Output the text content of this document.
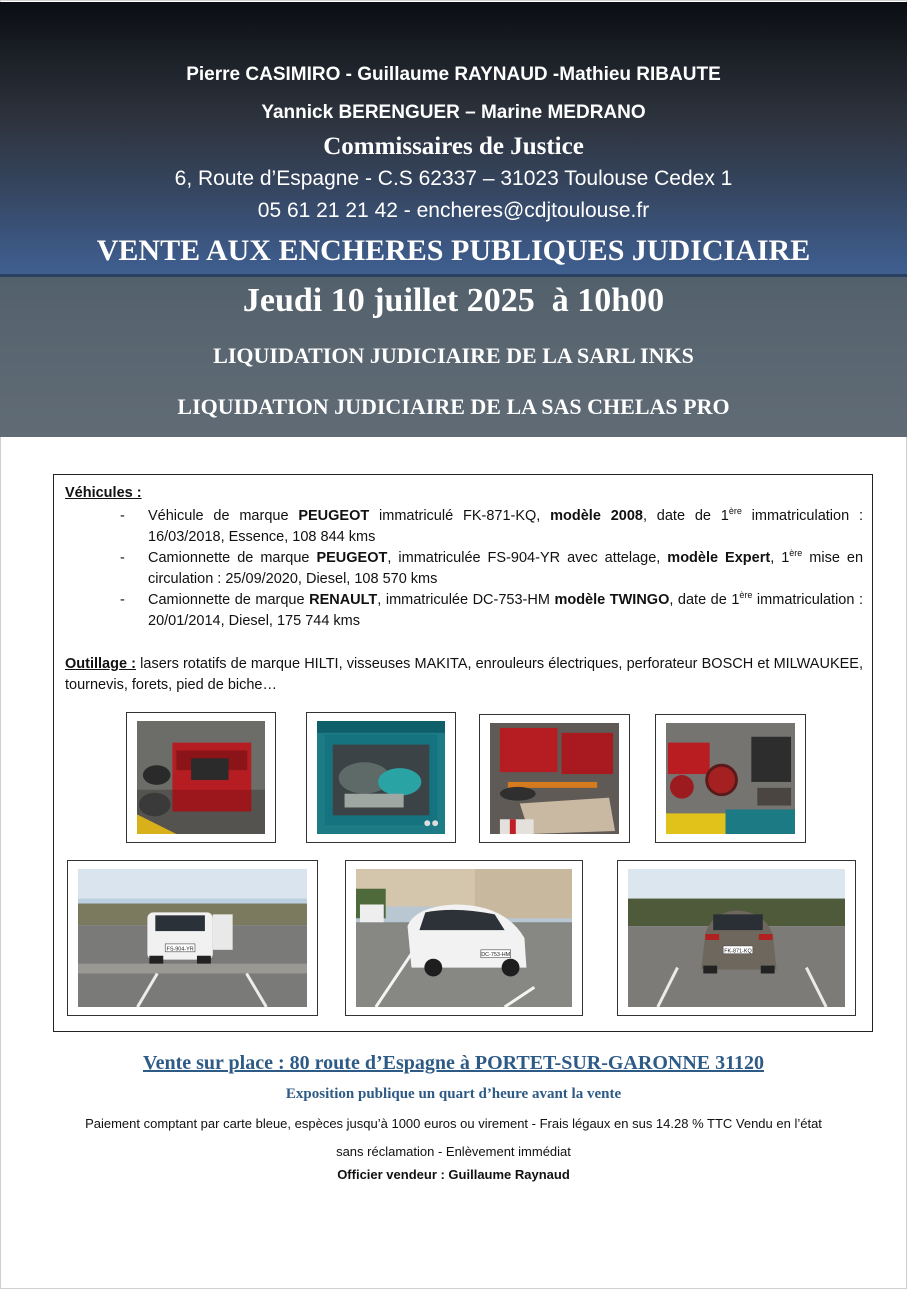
Pierre CASIMIRO - Guillaume RAYNAUD -Mathieu RIBAUTE
Yannick BERENGUER – Marine MEDRANO
Commissaires de Justice
6, Route d’Espagne - C.S 62337 – 31023 Toulouse Cedex 1
05 61 21 21 42 - encheres@cdjtoulouse.fr
VENTE AUX ENCHERES PUBLIQUES JUDICIAIRE
Jeudi 10 juillet 2025  à 10h00
LIQUIDATION JUDICIAIRE DE LA SARL INKS
LIQUIDATION JUDICIAIRE DE LA SAS CHELAS PRO
Véhicules :
- Véhicule de marque PEUGEOT immatriculé FK-871-KQ, modèle 2008, date de 1ère immatriculation : 16/03/2018, Essence, 108 844 kms
- Camionnette de marque PEUGEOT, immatriculée FS-904-YR avec attelage, modèle Expert, 1ère mise en circulation : 25/09/2020, Diesel, 108 570 kms
- Camionnette de marque RENAULT, immatriculée DC-753-HM modèle TWINGO, date de 1ère immatriculation : 20/01/2014, Diesel, 175 744 kms
Outillage : lasers rotatifs de marque HILTI, visseuses MAKITA, enrouleurs électriques, perforateur BOSCH et MILWAUKEE, tournevis, forets, pied de biche…
FS-904-YR
DC-753-HM
FK-871-KQ
Vente sur place : 80 route d’Espagne à PORTET-SUR-GARONNE 31120
Exposition publique un quart d’heure avant la vente
Paiement comptant par carte bleue, espèces jusqu’à 1000 euros ou virement - Frais légaux en sus 14.28 % TTC Vendu en l’état
sans réclamation - Enlèvement immédiat
Officier vendeur : Guillaume Raynaud
